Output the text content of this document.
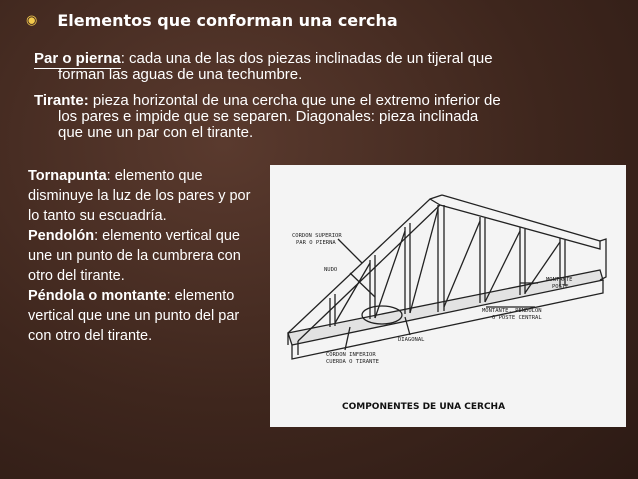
◉ Elementos que conforman una cercha
Par o pierna: cada una de las dos piezas inclinadas de un tijeral que
forman las aguas de una techumbre.
Tirante: pieza horizontal de una cercha que une el extremo inferior de
los pares e impide que se separen. Diagonales: pieza inclinada
que une un par con el tirante.
Tornapunta: elemento que disminuye la luz de los pares y por lo tanto su escuadría.
Pendolón: elemento vertical que une un punto de la cumbrera con otro del tirante.
Péndola o montante: elemento vertical que une un punto del par con otro del tirante.
CORDON SUPERIOR
PAR O PIERNA
NUDO
MONTANTE
POSTE
MONTANTE. PENDOLON
O POSTE CENTRAL
DIAGONAL
CORDON INFERIOR
CUERDA O TIRANTE
COMPONENTES DE UNA CERCHA
